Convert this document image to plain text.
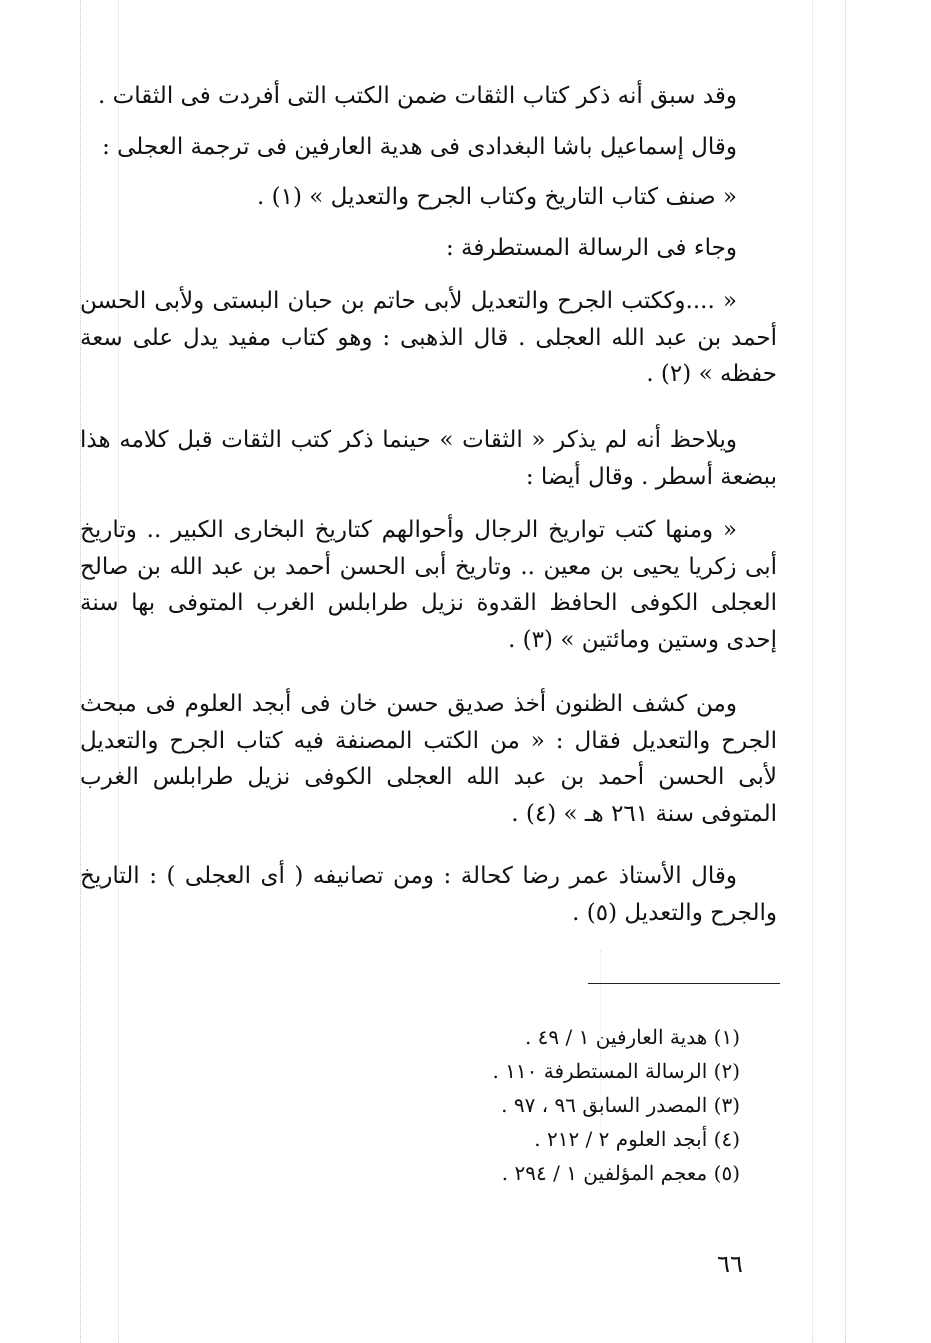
وقد سبق أنه ذكر كتاب الثقات ضمن الكتب التى أفردت فى الثقات .

وقال إسماعيل باشا البغدادى فى هدية العارفين فى ترجمة العجلى :

« صنف كتاب التاريخ وكتاب الجرح والتعديل » (١) .

وجاء فى الرسالة المستطرفة :

« ....وككتب الجرح والتعديل لأبى حاتم بن حبان البستى ولأبى الحسن أحمد بن عبد الله العجلى . قال الذهبى : وهو كتاب مفيد يدل على سعة حفظه » (٢) .

ويلاحظ أنه لم يذكر « الثقات » حينما ذكر كتب الثقات قبل كلامه هذا ببضعة أسطر . وقال أيضا :

« ومنها كتب تواريخ الرجال وأحوالهم كتاريخ البخارى الكبير .. وتاريخ أبى زكريا يحيى بن معين .. وتاريخ أبى الحسن أحمد بن عبد الله بن صالح العجلى الكوفى الحافظ القدوة نزيل طرابلس الغرب المتوفى بها سنة إحدى وستين ومائتين » (٣) .

ومن كشف الظنون أخذ صديق حسن خان فى أبجد العلوم فى مبحث الجرح والتعديل فقال : « من الكتب المصنفة فيه كتاب الجرح والتعديل لأبى الحسن أحمد بن عبد الله العجلى الكوفى نزيل طرابلس الغرب المتوفى سنة ٢٦١ هـ » (٤) .

وقال الأستاذ عمر رضا كحالة : ومن تصانيفه ( أى العجلى ) : التاريخ والجرح والتعديل (٥) .

(١) هدية العارفين ١ / ٤٩ .
(٢) الرسالة المستطرفة ١١٠ .
(٣) المصدر السابق ٩٦ ، ٩٧ .
(٤) أبجد العلوم ٢ / ٢١٢ .
(٥) معجم المؤلفين ١ / ٢٩٤ .
٦٦
